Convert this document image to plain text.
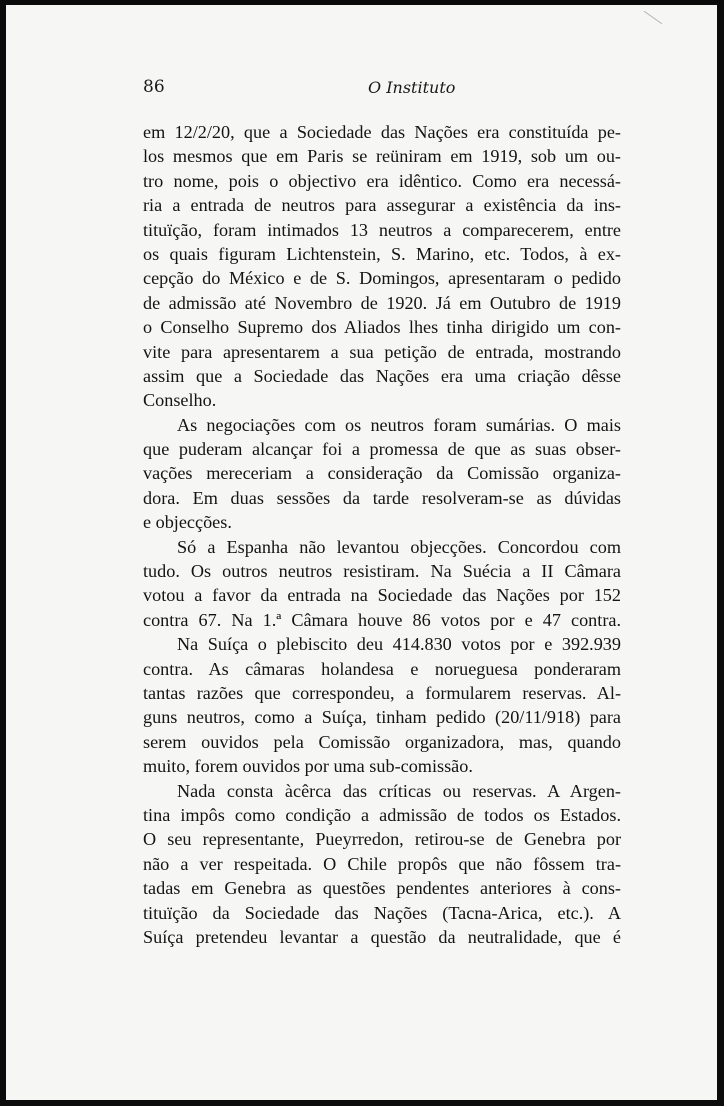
86	O Instituto

em 12/2/20, que a Sociedade das Nações era constituída pe-
los mesmos que em Paris se reüniram em 1919, sob um ou-
tro nome, pois o objectivo era idêntico. Como era necessá-
ria a entrada de neutros para assegurar a existência da ins-
tituïção, foram intimados 13 neutros a comparecerem, entre
os quais figuram Lichtenstein, S. Marino, etc. Todos, à ex-
cepção do México e de S. Domingos, apresentaram o pedido
de admissão até Novembro de 1920. Já em Outubro de 1919
o Conselho Supremo dos Aliados lhes tinha dirigido um con-
vite para apresentarem a sua petição de entrada, mostrando
assim que a Sociedade das Nações era uma criação dêsse
Conselho.

As negociações com os neutros foram sumárias. O mais
que puderam alcançar foi a promessa de que as suas obser-
vações mereceriam a consideração da Comissão organiza-
dora. Em duas sessões da tarde resolveram-se as dúvidas
e objecções.

Só a Espanha não levantou objecções. Concordou com
tudo. Os outros neutros resistiram. Na Suécia a II Câmara
votou a favor da entrada na Sociedade das Nações por 152
contra 67. Na 1.ª Câmara houve 86 votos por e 47 contra.

Na Suíça o plebiscito deu 414.830 votos por e 392.939
contra. As câmaras holandesa e norueguesa ponderaram
tantas razões que correspondeu, a formularem reservas. Al-
guns neutros, como a Suíça, tinham pedido (20/11/918) para
serem ouvidos pela Comissão organizadora, mas, quando
muito, forem ouvidos por uma sub-comissão.

Nada consta àcêrca das críticas ou reservas. A Argen-
tina impôs como condição a admissão de todos os Estados.
O seu representante, Pueyrredon, retirou-se de Genebra por
não a ver respeitada. O Chile propôs que não fôssem tra-
tadas em Genebra as questões pendentes anteriores à cons-
tituïção da Sociedade das Nações (Tacna-Arica, etc.). A
Suíça pretendeu levantar a questão da neutralidade, que é
